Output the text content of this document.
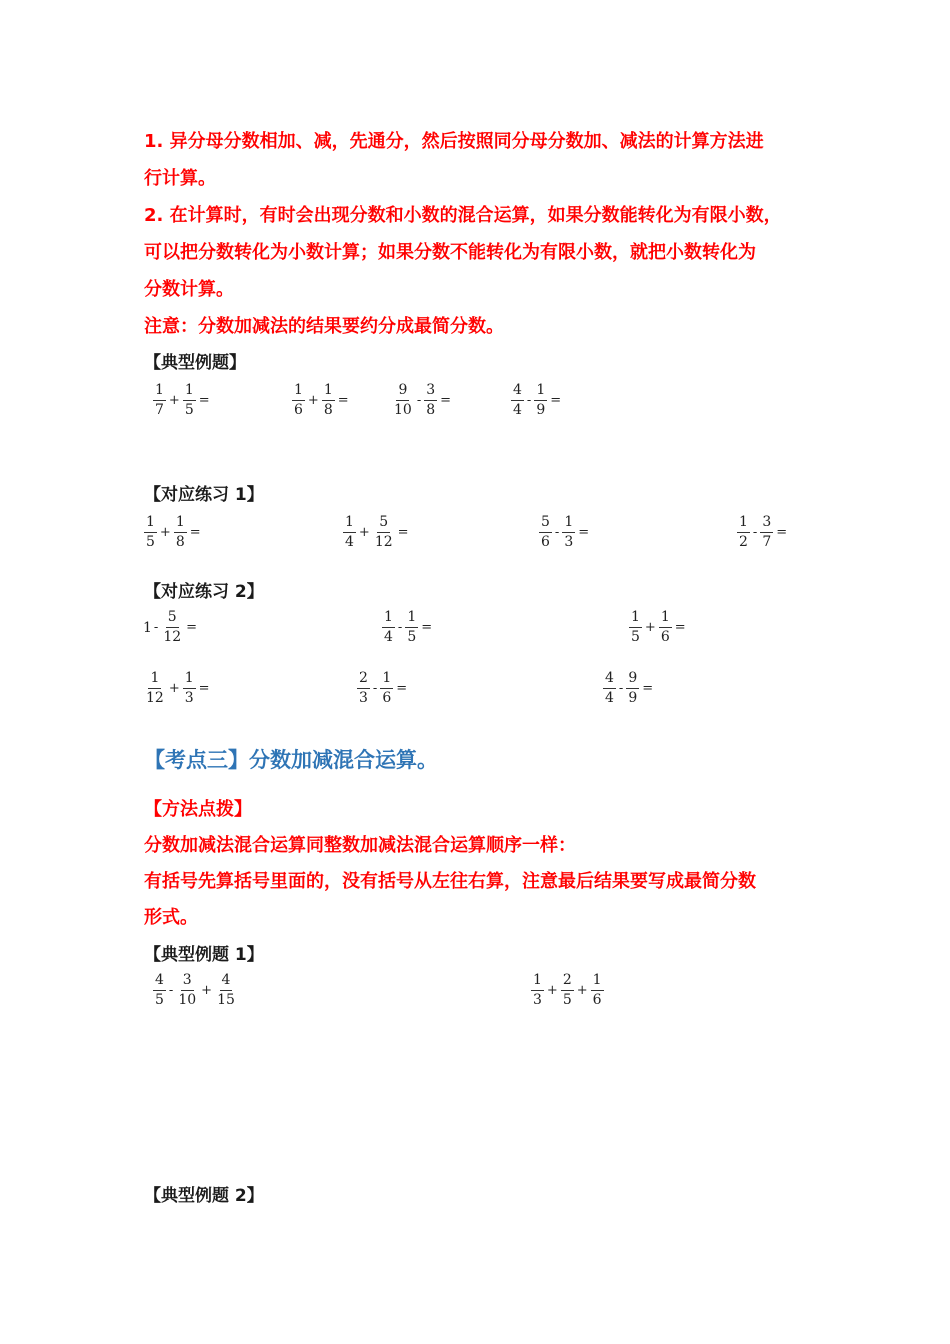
1. 异分母分数相加、减，先通分，然后按照同分母分数加、减法的计算方法进

行计算。

2. 在计算时，有时会出现分数和小数的混合运算，如果分数能转化为有限小数，

可以把分数转化为小数计算；如果分数不能转化为有限小数，就把小数转化为

分数计算。

注意：分数加减法的结果要约分成最简分数。

【典型例题】

$\frac{1}{7} + \frac{1}{5}$ =	$\frac{1}{6} + \frac{1}{8}$ =	$\frac{9}{10} - \frac{3}{8}$ =	$\frac{4}{4} - \frac{1}{9}$ =

【对应练习 1】

$\frac{1}{5} + \frac{1}{8}$ =	$\frac{1}{4} + \frac{5}{12}$ =	$\frac{5}{6} - \frac{1}{3}$ =	$\frac{1}{2} - \frac{3}{7}$ =

【对应练习 2】

$1 - \frac{5}{12}$ =	$\frac{1}{4} - \frac{1}{5}$ =	$\frac{1}{5} + \frac{1}{6}$ =
$\frac{1}{12} + \frac{1}{3}$ =	$\frac{2}{3} - \frac{1}{6}$ =	$\frac{4}{4} - \frac{9}{9}$ =

【考点三】分数加减混合运算。

【方法点拨】

分数加减法混合运算同整数加减法混合运算顺序一样：

有括号先算括号里面的，没有括号从左往右算，注意最后结果要写成最简分数

形式。

【典型例题 1】

$\frac{4}{5} - \frac{3}{10} + \frac{4}{15}$	$\frac{1}{3} + \frac{2}{5} + \frac{1}{6}$

【典型例题 2】
